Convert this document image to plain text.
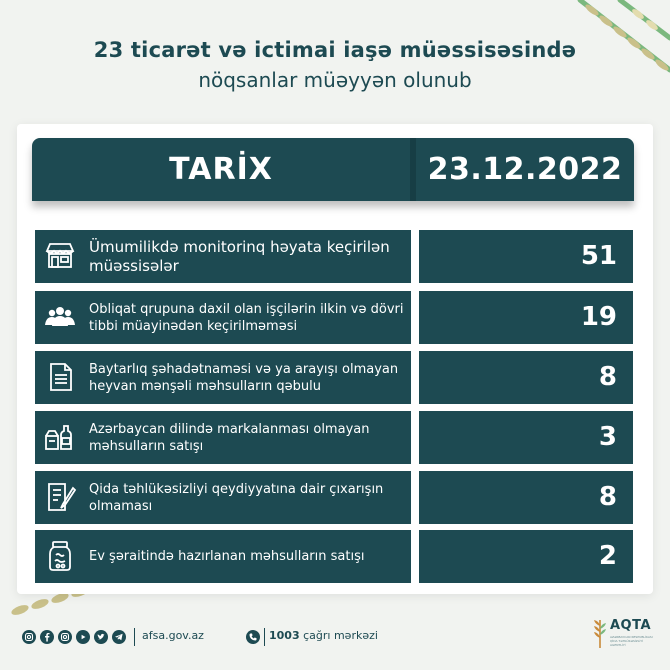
23 ticarət və ictimai iaşə müəssisəsində
nöqsanlar müəyyən olunub
TARİX	23.12.2022
Ümumilikdə monitorinq həyata keçirilən müəssisələr	51
Obliqat qrupuna daxil olan işçilərin ilkin və dövri tibbi müayinədən keçirilməməsi	19
Baytarlıq şəhadətnaməsi və ya arayışı olmayan heyvan mənşəli məhsulların qəbulu	8
Azərbaycan dilində markalanması olmayan məhsulların satışı	3
Qida təhlükəsizliyi qeydiyyatına dair çıxarışın olmaması	8
Ev şəraitində hazırlanan məhsulların satışı	2
afsa.gov.az	1003 çağrı mərkəzi
AQTA
AZƏRBAYCAN RESPUBLİKASI QİDA TƏHLÜKƏSİZLİYİ AGENTLİYİ
